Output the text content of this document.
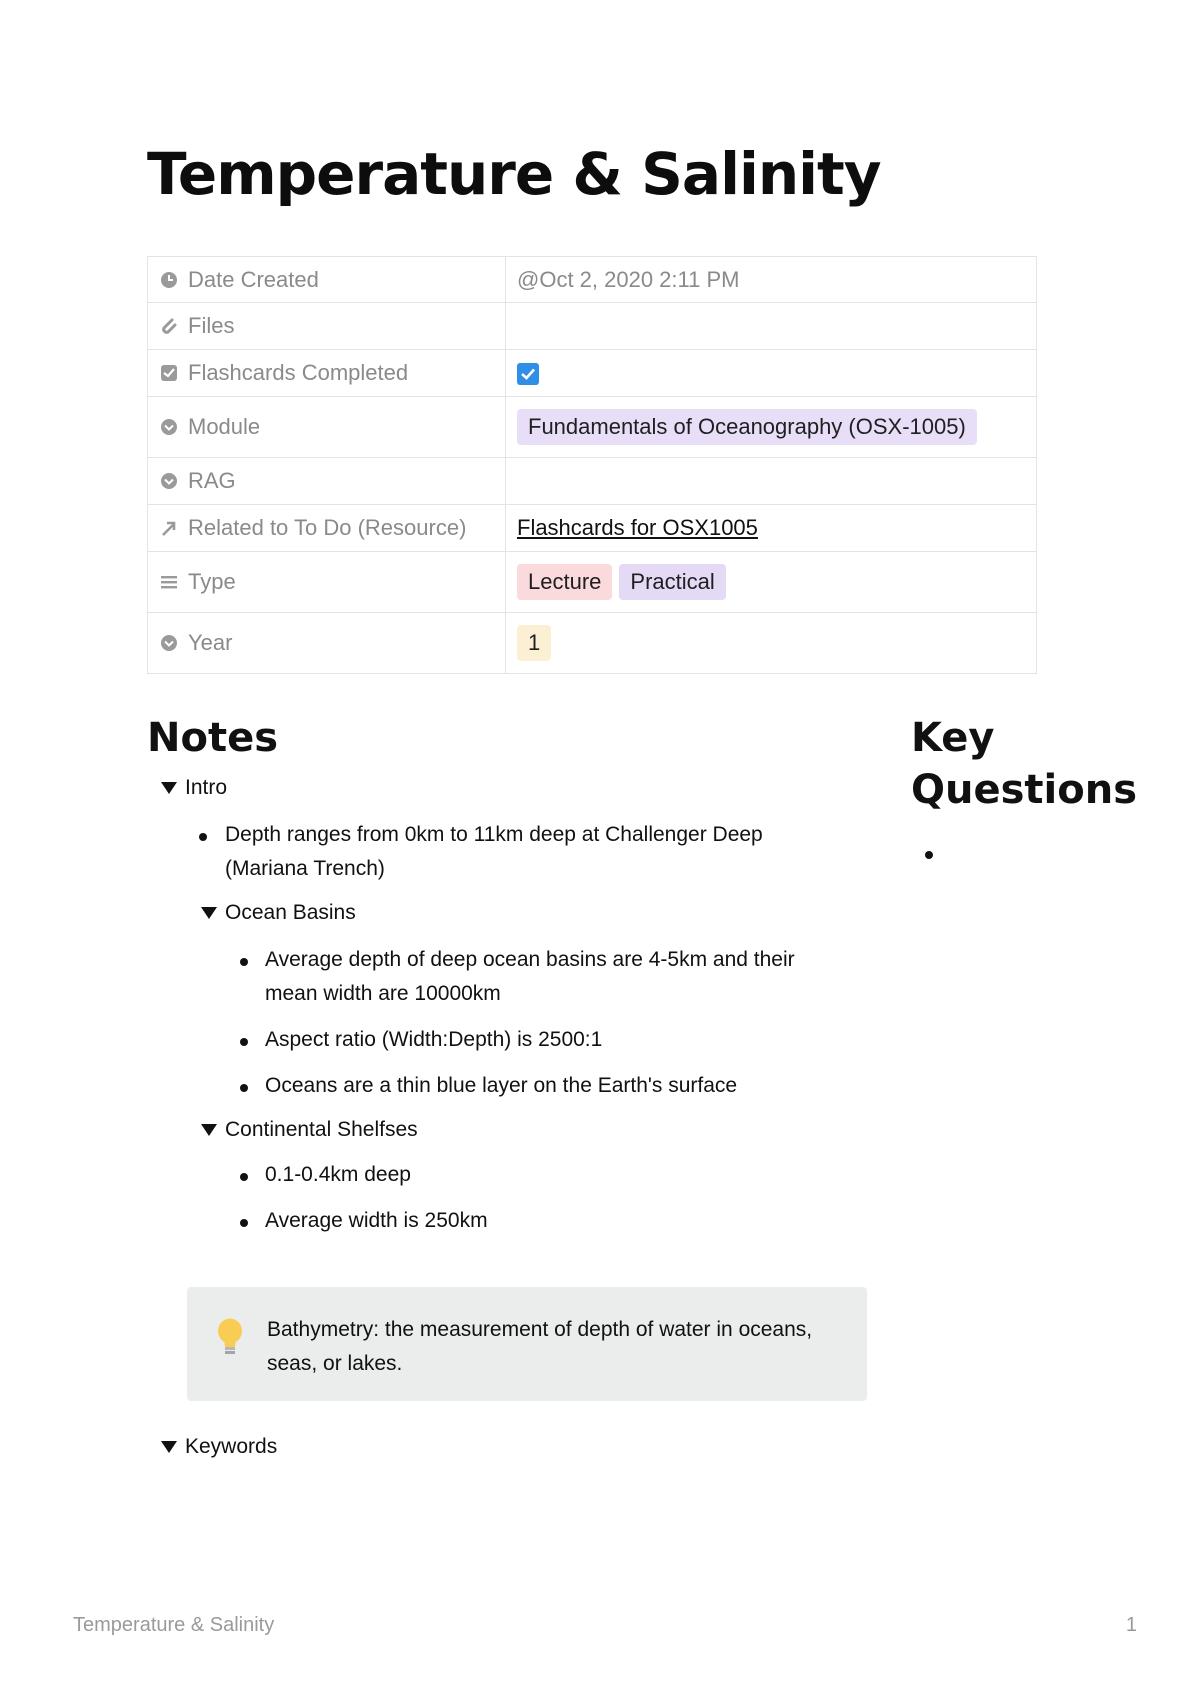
Temperature & Salinity
Date Created	@Oct 2, 2020 2:11 PM

Files	

Flashcards Completed	

Module	Fundamentals of Oceanography (OSX-1005)

RAG	

Related to To Do (Resource)	Flashcards for OSX1005

Type	Lecture Practical

Year	1
Notes
Intro
Depth ranges from 0km to 11km deep at Challenger Deep (Mariana Trench)
Ocean Basins
Average depth of deep ocean basins are 4-5km and their mean width are 10000km
Aspect ratio (Width:Depth) is 2500:1
Oceans are a thin blue layer on the Earth's surface
Continental Shelfses
0.1-0.4km deep
Average width is 250km
Bathymetry: the measurement of depth of water in oceans, seas, or lakes.
Keywords
Key
Questions
Temperature & Salinity	1
